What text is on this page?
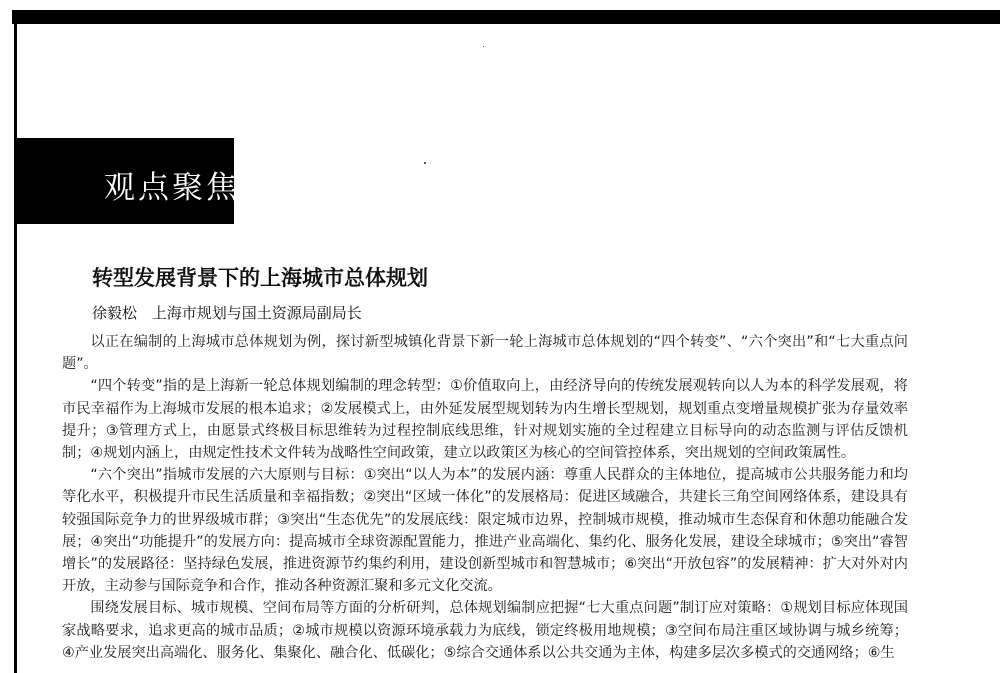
观点聚焦
转型发展背景下的上海城市总体规划
徐毅松 上海市规划与国土资源局副局长

以正在编制的上海城市总体规划为例，探讨新型城镇化背景下新一轮上海城市总体规划的“四个转变”、“六个突出”和“七大重点问题”。

“四个转变”指的是上海新一轮总体规划编制的理念转型：①价值取向上，由经济导向的传统发展观转向以人为本的科学发展观，将市民幸福作为上海城市发展的根本追求；②发展模式上，由外延发展型规划转为内生增长型规划，规划重点变增量规模扩张为存量效率提升；③管理方式上，由愿景式终极目标思维转为过程控制底线思维，针对规划实施的全过程建立目标导向的动态监测与评估反馈机制；④规划内涵上，由规定性技术文件转为战略性空间政策，建立以政策区为核心的空间管控体系，突出规划的空间政策属性。

“六个突出”指城市发展的六大原则与目标：①突出“以人为本”的发展内涵：尊重人民群众的主体地位，提高城市公共服务能力和均等化水平，积极提升市民生活质量和幸福指数；②突出“区域一体化”的发展格局：促进区域融合，共建长三角空间网络体系，建设具有较强国际竞争力的世界级城市群；③突出“生态优先”的发展底线：限定城市边界，控制城市规模，推动城市生态保育和休憩功能融合发展；④突出“功能提升”的发展方向：提高城市全球资源配置能力，推进产业高端化、集约化、服务化发展，建设全球城市；⑤突出“睿智增长”的发展路径：坚持绿色发展，推进资源节约集约利用，建设创新型城市和智慧城市；⑥突出“开放包容”的发展精神：扩大对外对内开放，主动参与国际竞争和合作，推动各种资源汇聚和多元文化交流。

围绕发展目标、城市规模、空间布局等方面的分析研判，总体规划编制应把握“七大重点问题”制订应对策略：①规划目标应体现国家战略要求，追求更高的城市品质；②城市规模以资源环境承载力为底线，锁定终极用地规模；③空间布局注重区域协调与城乡统筹；④产业发展突出高端化、服务化、集聚化、融合化、低碳化；⑤综合交通体系以公共交通为主体，构建多层次多模式的交通网络；⑥生
